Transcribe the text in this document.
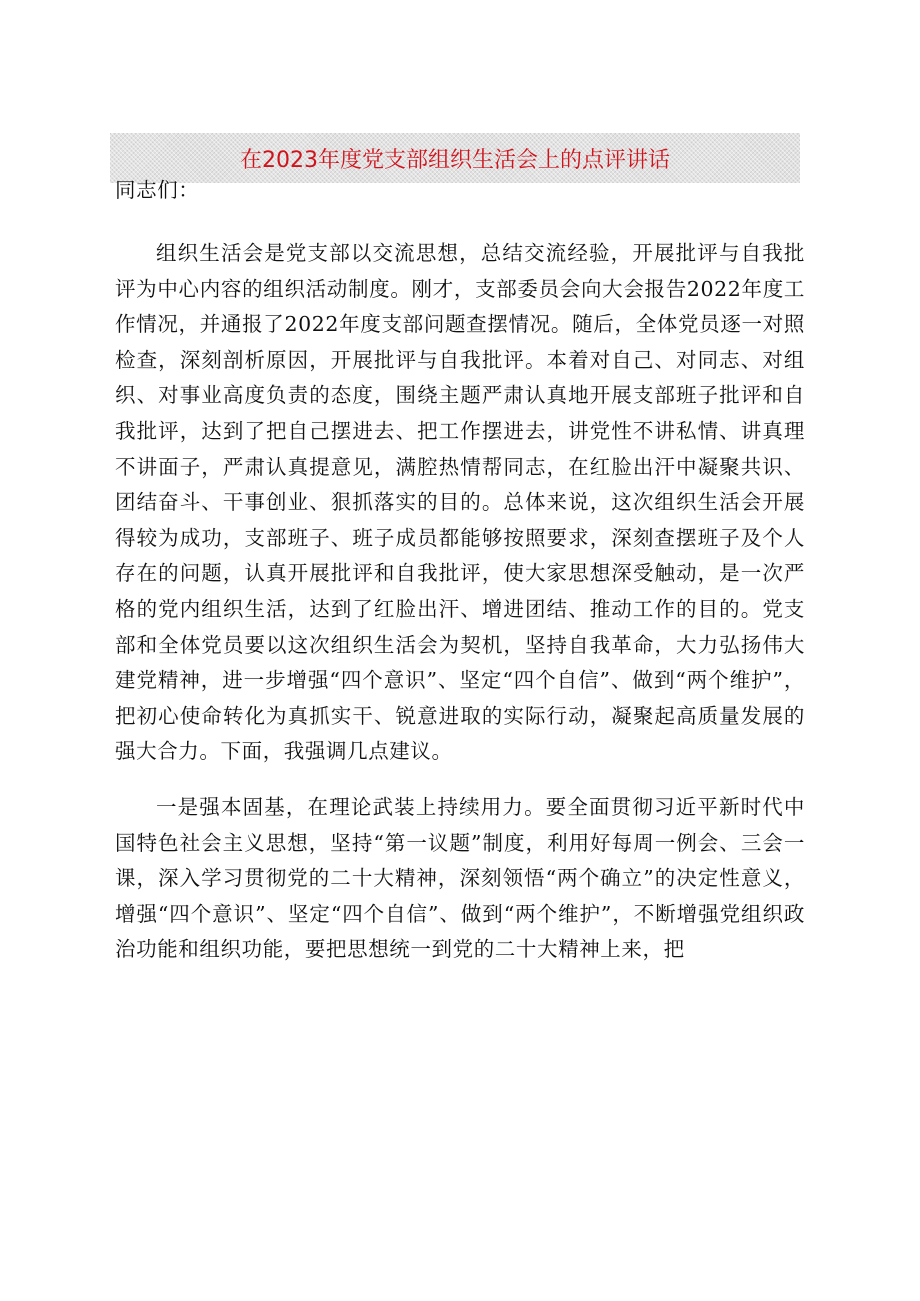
在2023年度党支部组织生活会上的点评讲话

同志们：

组织生活会是党支部以交流思想，总结交流经验，开展批评与自我批评为中心内容的组织活动制度。刚才，支部委员会向大会报告2022年度工作情况，并通报了2022年度支部问题查摆情况。随后，全体党员逐一对照检查，深刻剖析原因，开展批评与自我批评。本着对自己、对同志、对组织、对事业高度负责的态度，围绕主题严肃认真地开展支部班子批评和自我批评，达到了把自己摆进去、把工作摆进去，讲党性不讲私情、讲真理不讲面子，严肃认真提意见，满腔热情帮同志，在红脸出汗中凝聚共识、团结奋斗、干事创业、狠抓落实的目的。总体来说，这次组织生活会开展得较为成功，支部班子、班子成员都能够按照要求，深刻查摆班子及个人存在的问题，认真开展批评和自我批评，使大家思想深受触动，是一次严格的党内组织生活，达到了红脸出汗、增进团结、推动工作的目的。党支部和全体党员要以这次组织生活会为契机，坚持自我革命，大力弘扬伟大建党精神，进一步增强“四个意识”、坚定“四个自信”、做到“两个维护”，把初心使命转化为真抓实干、锐意进取的实际行动，凝聚起高质量发展的强大合力。下面，我强调几点建议。

一是强本固基，在理论武装上持续用力。要全面贯彻习近平新时代中国特色社会主义思想，坚持“第一议题”制度，利用好每周一例会、三会一课，深入学习贯彻党的二十大精神，深刻领悟“两个确立”的决定性意义，增强“四个意识”、坚定“四个自信”、做到“两个维护”，不断增强党组织政治功能和组织功能，要把思想统一到党的二十大精神上来，把
